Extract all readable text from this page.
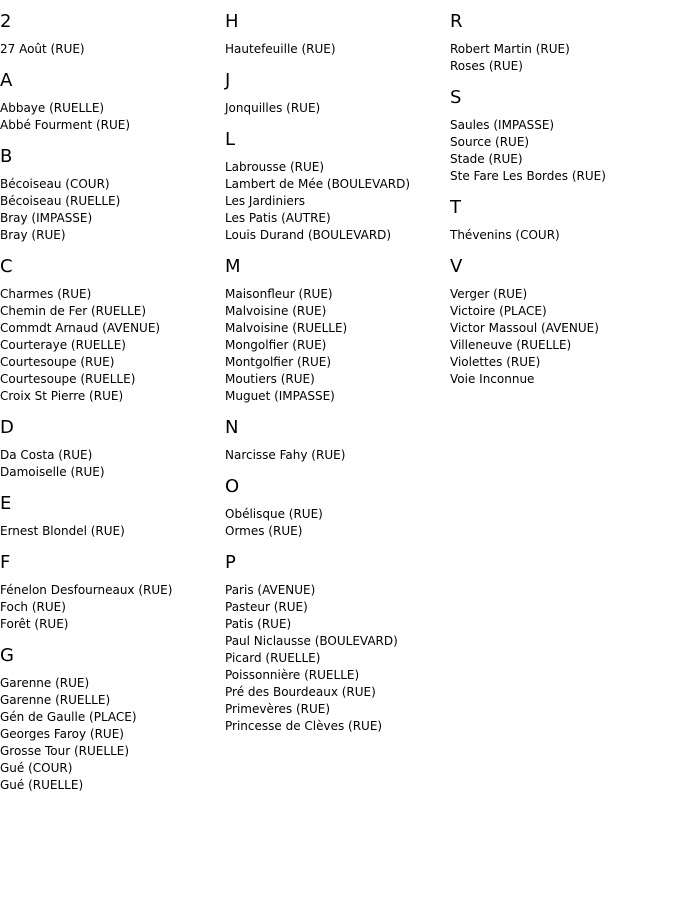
2
27 Août (RUE)
A
Abbaye (RUELLE)
Abbé Fourment (RUE)
B
Bécoiseau (COUR)
Bécoiseau (RUELLE)
Bray (IMPASSE)
Bray (RUE)
C
Charmes (RUE)
Chemin de Fer (RUELLE)
Commdt Arnaud (AVENUE)
Courteraye (RUELLE)
Courtesoupe (RUE)
Courtesoupe (RUELLE)
Croix St Pierre (RUE)
D
Da Costa (RUE)
Damoiselle (RUE)
E
Ernest Blondel (RUE)
F
Fénelon Desfourneaux (RUE)
Foch (RUE)
Forêt (RUE)
G
Garenne (RUE)
Garenne (RUELLE)
Gén de Gaulle (PLACE)
Georges Faroy (RUE)
Grosse Tour (RUELLE)
Gué (COUR)
Gué (RUELLE)
H
Hautefeuille (RUE)
J
Jonquilles (RUE)
L
Labrousse (RUE)
Lambert de Mée (BOULEVARD)
Les Jardiniers
Les Patis (AUTRE)
Louis Durand (BOULEVARD)
M
Maisonfleur (RUE)
Malvoisine (RUE)
Malvoisine (RUELLE)
Mongolfier (RUE)
Montgolfier (RUE)
Moutiers (RUE)
Muguet (IMPASSE)
N
Narcisse Fahy (RUE)
O
Obélisque (RUE)
Ormes (RUE)
P
Paris (AVENUE)
Pasteur (RUE)
Patis (RUE)
Paul Niclausse (BOULEVARD)
Picard (RUELLE)
Poissonnière (RUELLE)
Pré des Bourdeaux (RUE)
Primevères (RUE)
Princesse de Clèves (RUE)
R
Robert Martin (RUE)
Roses (RUE)
S
Saules (IMPASSE)
Source (RUE)
Stade (RUE)
Ste Fare Les Bordes (RUE)
T
Thévenins (COUR)
V
Verger (RUE)
Victoire (PLACE)
Victor Massoul (AVENUE)
Villeneuve (RUELLE)
Violettes (RUE)
Voie Inconnue
